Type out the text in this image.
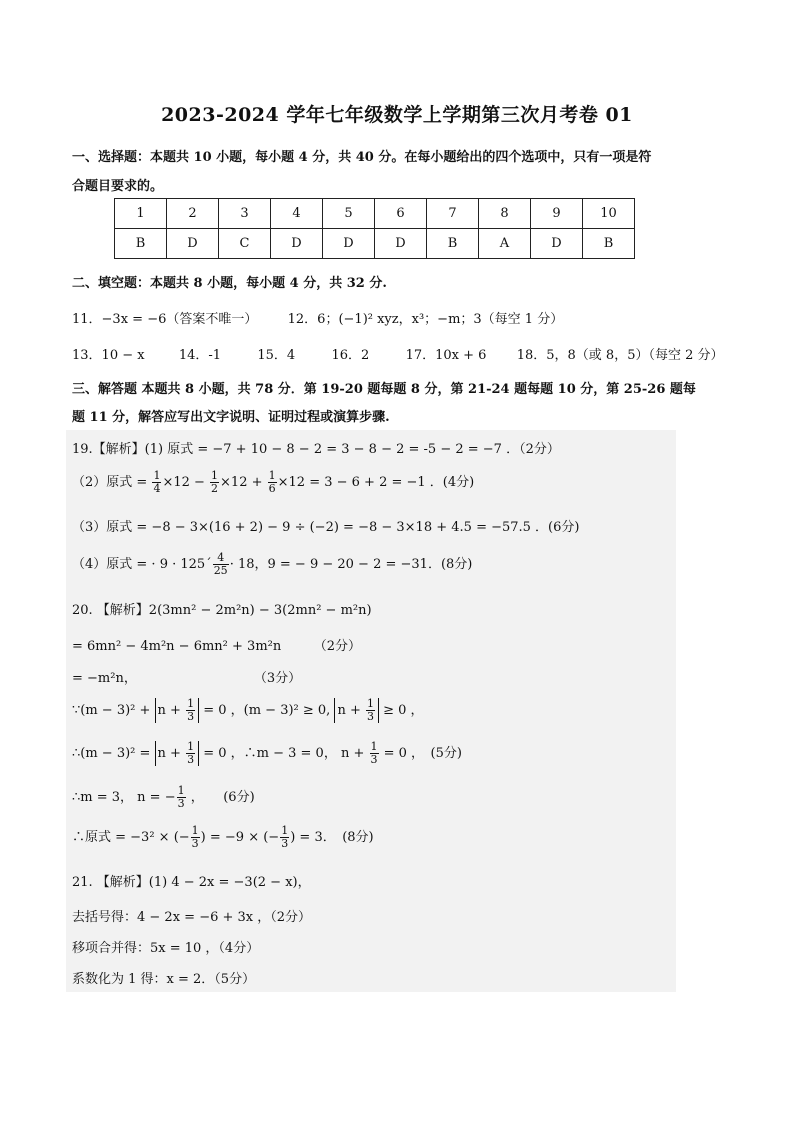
2023-2024 学年七年级数学上学期第三次月考卷 01
一、选择题：本题共 10 小题，每小题 4 分，共 40 分。在每小题给出的四个选项中，只有一项是符
合题目要求的。
1	2	3	4	5	6	7	8	9	10
B	D	C	D	D	D	B	A	D	B
二、填空题：本题共 8 小题，每小题 4 分，共 32 分.
11．−3x = −6（答案不唯一） 12．6；(−1)² xyz，x³；−m；3（每空 1 分）
13．10 − x	14．-1	15．4	16．2	17．10x + 6 18．5，8（或 8，5）（每空 2 分）
三、解答题 本题共 8 小题，共 78 分．第 19-20 题每题 8 分，第 21-24 题每题 10 分，第 25-26 题每
题 11 分，解答应写出文字说明、证明过程或演算步骤.
19.【解析】(1) 原式 = −7 + 10 − 8 − 2 = 3 − 8 − 2 = -5 − 2 = −7 ．（2分）
（2）原式 = $\frac{1}{4} \times 12 - \frac{1}{2} \times 12 + \frac{1}{6} \times 12 = 3 - 6 + 2 = -1$ ．(4分)
（3）原式 = −8 − 3×(16 + 2) − 9 ÷ (−2) = −8 − 3×18 + 4.5 = −57.5 ．(6分)
（4）原式 = · 9 · 125´ $\frac{4}{25} \cdot 18$，9 = − 9 − 20 − 2 = −31．(8分)
20. 【解析】2(3mn² − 2m²n) − 3(2mn² − m²n)
= 6mn² − 4m²n − 6mn² + 3m²n　　　（2分）
= −m²n，　　　　　　　　　　（3分）
∵(m − $3)^2 + n + \frac{1}{3} = 0$ ，(m − 3)² ≥ 0, $n + \frac{1}{3} \ge 0$ ，
∴(m − $3)^2 = n + \frac{1}{3} = 0$ ，∴m − 3 = 0， $n + \frac{1}{3} = 0$ ，　(5分)
∴m = 3， n = − $\frac{1}{3}$ ，　　(6分)
∴原式 = −3² × (− $\frac{1}{3}$ ) = −9 × (− $\frac{1}{3}$ ) = 3．　(8分)
21. 【解析】(1) 4 − 2x = −3(2 − x)，
去括号得：4 − 2x = −6 + 3x ，（2分）
移项合并得：5x = 10 ，（4分）
系数化为 1 得：x = 2．（5分）
